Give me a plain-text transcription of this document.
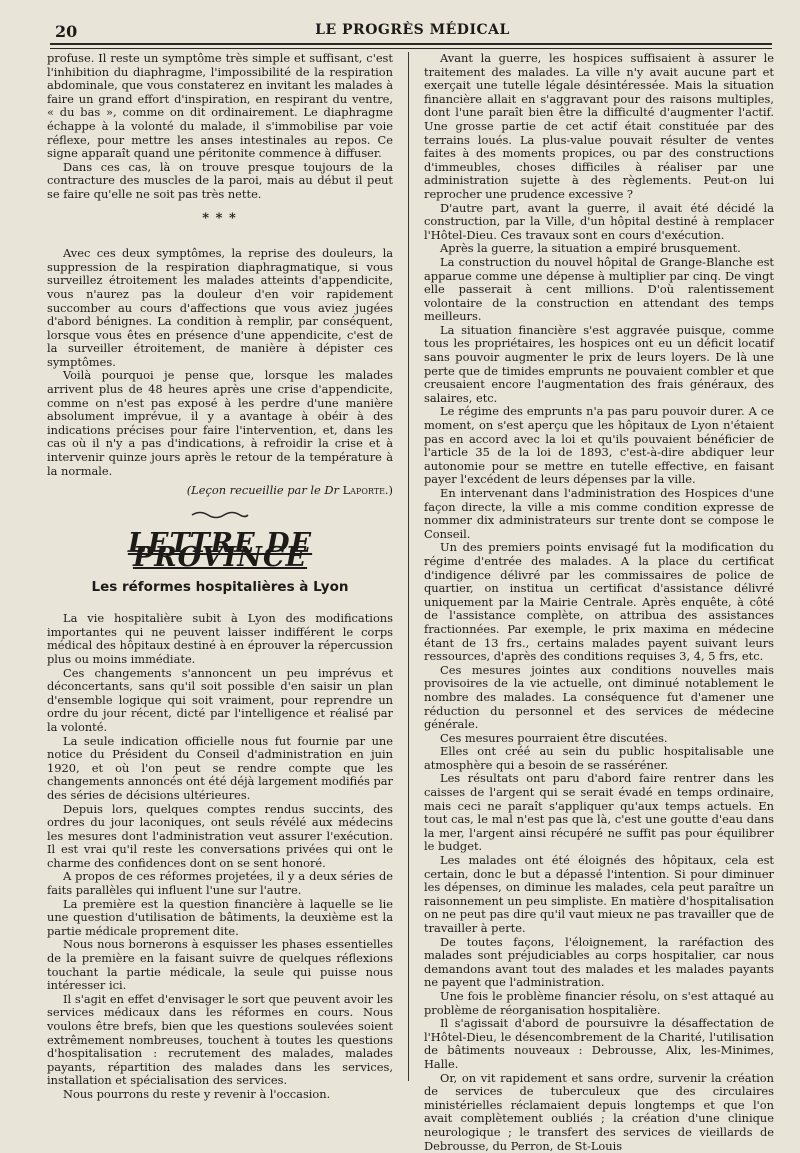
20	LE PROGRÈS MÉDICAL

profuse. Il reste un symptôme très simple et suffisant, c'est l'inhibition du diaphragme, l'impossibilité de la respiration abdominale, que vous constaterez en invitant les malades à faire un grand effort d'inspiration, en respirant du ventre, « du bas », comme on dit ordinairement. Le diaphragme échappe à la volonté du malade, il s'immobilise par voie réflexe, pour mettre les anses intestinales au repos. Ce signe apparaît quand une péritonite commence à diffuser.

Dans ces cas, là on trouve presque toujours de la contracture des muscles de la paroi, mais au début il peut se faire qu'elle ne soit pas très nette.

* * *

Avec ces deux symptômes, la reprise des douleurs, la suppression de la respiration diaphragmatique, si vous surveillez étroitement les malades atteints d'appendicite, vous n'aurez pas la douleur d'en voir rapidement succomber au cours d'affections que vous aviez jugées d'abord bénignes. La condition à remplir, par conséquent, lorsque vous êtes en présence d'une appendicite, c'est de la surveiller étroitement, de manière à dépister ces symptômes.

Voilà pourquoi je pense que, lorsque les malades arrivent plus de 48 heures après une crise d'appendicite, comme on n'est pas exposé à les perdre d'une manière absolument imprévue, il y a avantage à obéir à des indications précises pour faire l'intervention, et, dans les cas où il n'y a pas d'indications, à refroidir la crise et à intervenir quinze jours après le retour de la température à la normale.

(Leçon recueillie par le Dr Laporte.)
LETTRE DE PROVINCE
Les réformes hospitalières à Lyon

La vie hospitalière subit à Lyon des modifications importantes qui ne peuvent laisser indifférent le corps médical des hôpitaux destiné à en éprouver la répercussion plus ou moins immédiate.

Ces changements s'annoncent un peu imprévus et déconcertants, sans qu'il soit possible d'en saisir un plan d'ensemble logique qui soit vraiment, pour reprendre un ordre du jour récent, dicté par l'intelligence et réalisé par la volonté.

La seule indication officielle nous fut fournie par une notice du Président du Conseil d'administration en juin 1920, et où l'on peut se rendre compte que les changements annoncés ont été déjà largement modifiés par des séries de décisions ultérieures.

Depuis lors, quelques comptes rendus succints, des ordres du jour laconiques, ont seuls révélé aux médecins les mesures dont l'administration veut assurer l'exécution. Il est vrai qu'il reste les conversations privées qui ont le charme des confidences dont on se sent honoré.

A propos de ces réformes projetées, il y a deux séries de faits parallèles qui influent l'une sur l'autre.

La première est la question financière à laquelle se lie une question d'utilisation de bâtiments, la deuxième est la partie médicale proprement dite.

Nous nous bornerons à esquisser les phases essentielles de la première en la faisant suivre de quelques réflexions touchant la partie médicale, la seule qui puisse nous intéresser ici.

Il s'agit en effet d'envisager le sort que peuvent avoir les services médicaux dans les réformes en cours. Nous voulons être brefs, bien que les questions soulevées soient extrêmement nombreuses, touchent à toutes les questions d'hospitalisation : recrutement des malades, malades payants, répartition des malades dans les services, installation et spécialisation des services.

Nous pourrons du reste y revenir à l'occasion.

Avant la guerre, les hospices suffisaient à assurer le traitement des malades. La ville n'y avait aucune part et exerçait une tutelle légale désintéressée. Mais la situation financière allait en s'aggravant pour des raisons multiples, dont l'une paraît bien être la difficulté d'augmenter l'actif. Une grosse partie de cet actif était constituée par des terrains loués. La plus-value pouvait résulter de ventes faites à des moments propices, ou par des constructions d'immeubles, choses difficiles à réaliser par une administration sujette à des règlements. Peut-on lui reprocher une prudence excessive ?

D'autre part, avant la guerre, il avait été décidé la construction, par la Ville, d'un hôpital destiné à remplacer l'Hôtel-Dieu. Ces travaux sont en cours d'exécution.

Après la guerre, la situation a empiré brusquement.

La construction du nouvel hôpital de Grange-Blanche est apparue comme une dépense à multiplier par cinq. De vingt elle passerait à cent millions. D'où ralentissement volontaire de la construction en attendant des temps meilleurs.

La situation financière s'est aggravée puisque, comme tous les propriétaires, les hospices ont eu un déficit locatif sans pouvoir augmenter le prix de leurs loyers. De là une perte que de timides emprunts ne pouvaient combler et que creusaient encore l'augmentation des frais généraux, des salaires, etc.

Le régime des emprunts n'a pas paru pouvoir durer. A ce moment, on s'est aperçu que les hôpitaux de Lyon n'étaient pas en accord avec la loi et qu'ils pouvaient bénéficier de l'article 35 de la loi de 1893, c'est-à-dire abdiquer leur autonomie pour se mettre en tutelle effective, en faisant payer l'excédent de leurs dépenses par la ville.

En intervenant dans l'administration des Hospices d'une façon directe, la ville a mis comme condition expresse de nommer dix administrateurs sur trente dont se compose le Conseil.

Un des premiers points envisagé fut la modification du régime d'entrée des malades. A la place du certificat d'indigence délivré par les commissaires de police de quartier, on institua un certificat d'assistance délivré uniquement par la Mairie Centrale. Après enquête, à côté de l'assistance complète, on attribua des assistances fractionnées. Par exemple, le prix maxima en médecine étant de 13 frs., certains malades payent suivant leurs ressources, d'après des conditions requises 3, 4, 5 frs, etc.

Ces mesures jointes aux conditions nouvelles mais provisoires de la vie actuelle, ont diminué notablement le nombre des malades. La conséquence fut d'amener une réduction du personnel et des services de médecine générale.

Ces mesures pourraient être discutées.

Elles ont créé au sein du public hospitalisable une atmosphère qui a besoin de se rasséréner.

Les résultats ont paru d'abord faire rentrer dans les caisses de l'argent qui se serait évadé en temps ordinaire, mais ceci ne paraît s'appliquer qu'aux temps actuels. En tout cas, le mal n'est pas que là, c'est une goutte d'eau dans la mer, l'argent ainsi récupéré ne suffit pas pour équilibrer le budget.

Les malades ont été éloignés des hôpitaux, cela est certain, donc le but a dépassé l'intention. Si pour diminuer les dépenses, on diminue les malades, cela peut paraître un raisonnement un peu simpliste. En matière d'hospitalisation on ne peut pas dire qu'il vaut mieux ne pas travailler que de travailler à perte.

De toutes façons, l'éloignement, la raréfaction des malades sont préjudiciables au corps hospitalier, car nous demandons avant tout des malades et les malades payants ne payent que l'administration.

Une fois le problème financier résolu, on s'est attaqué au problème de réorganisation hospitalière.

Il s'agissait d'abord de poursuivre la désaffectation de l'Hôtel-Dieu, le désencombrement de la Charité, l'utilisation de bâtiments nouveaux : Debrousse, Alix, les-Minimes, Halle.

Or, on vit rapidement et sans ordre, survenir la création de services de tuberculeux que des circulaires ministérielles réclamaient depuis longtemps et que l'on avait complètement oubliés ; la création d'une clinique neurologique ; le transfert des services de vieillards de Debrousse, du Perron, de St-Louis
